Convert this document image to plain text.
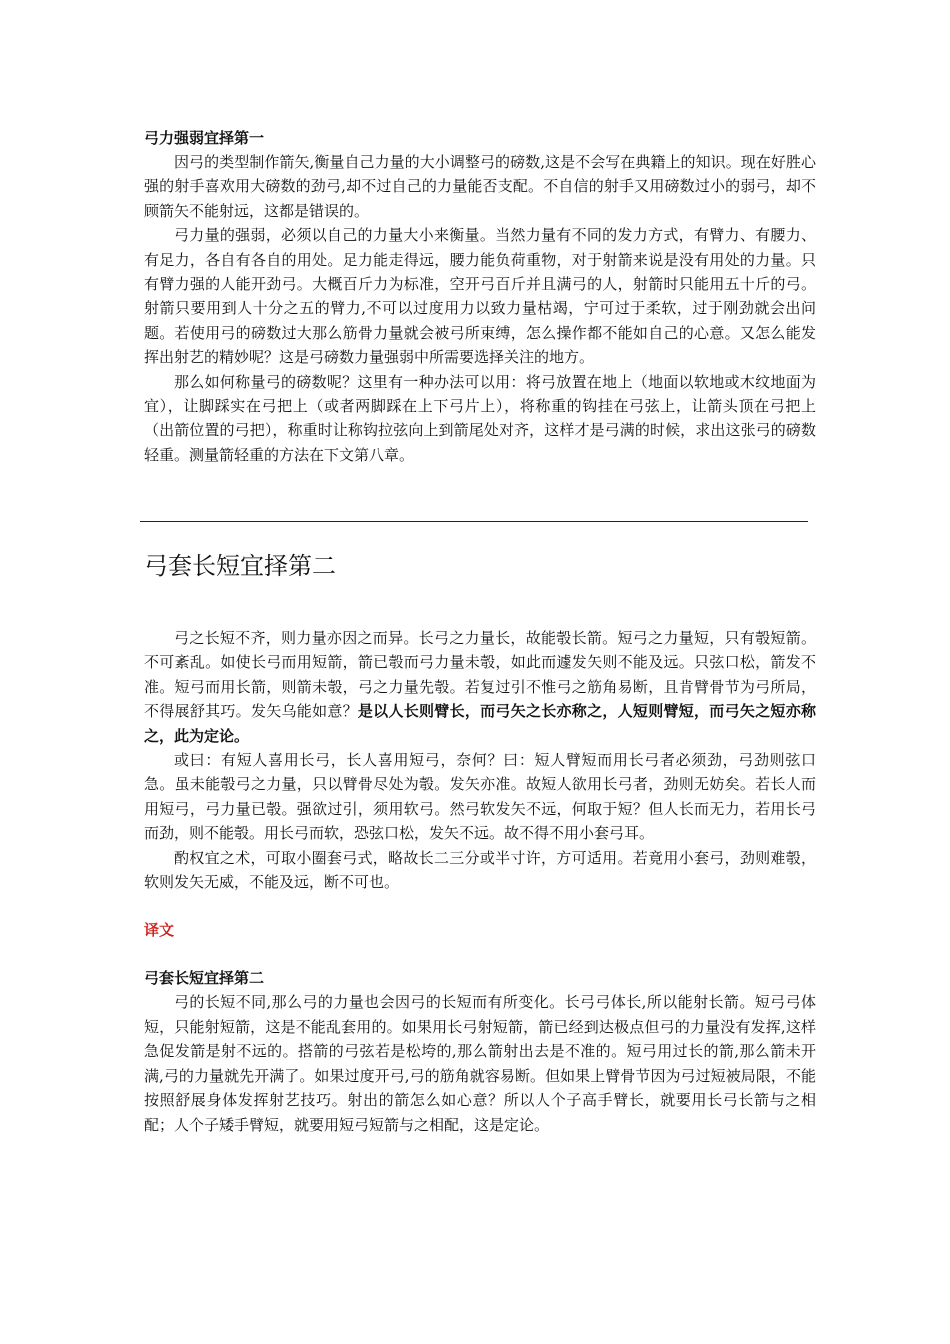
弓力强弱宜择第一

因弓的类型制作箭矢,衡量自己力量的大小调整弓的磅数,这是不会写在典籍上的知识。现在好胜心强的射手喜欢用大磅数的劲弓,却不过自己的力量能否支配。不自信的射手又用磅数过小的弱弓，却不顾箭矢不能射远，这都是错误的。

弓力量的强弱，必须以自己的力量大小来衡量。当然力量有不同的发力方式，有臂力、有腰力、有足力，各自有各自的用处。足力能走得远，腰力能负荷重物，对于射箭来说是没有用处的力量。只有臂力强的人能开劲弓。大概百斤力为标准，空开弓百斤并且满弓的人，射箭时只能用五十斤的弓。射箭只要用到人十分之五的臂力,不可以过度用力以致力量枯竭，宁可过于柔软，过于刚劲就会出问题。若使用弓的磅数过大那么筋骨力量就会被弓所束缚，怎么操作都不能如自己的心意。又怎么能发挥出射艺的精妙呢？这是弓磅数力量强弱中所需要选择关注的地方。

那么如何称量弓的磅数呢？这里有一种办法可以用：将弓放置在地上（地面以软地或木纹地面为宜），让脚踩实在弓把上（或者两脚踩在上下弓片上），将称重的钩挂在弓弦上，让箭头顶在弓把上（出箭位置的弓把），称重时让称钩拉弦向上到箭尾处对齐，这样才是弓满的时候，求出这张弓的磅数轻重。测量箭轻重的方法在下文第八章。

弓套长短宜择第二

弓之长短不齐，则力量亦因之而异。长弓之力量长，故能彀长箭。短弓之力量短，只有彀短箭。不可紊乱。如使长弓而用短箭，箭已彀而弓力量未彀，如此而遽发矢则不能及远。只弦口松，箭发不准。短弓而用长箭，则箭未彀，弓之力量先彀。若复过引不惟弓之筋角易断，且肯臂骨节为弓所局，不得展舒其巧。发矢乌能如意？是以人长则臂长，而弓矢之长亦称之，人短则臂短，而弓矢之短亦称之，此为定论。

或曰：有短人喜用长弓，长人喜用短弓，奈何？曰：短人臂短而用长弓者必须劲，弓劲则弦口急。虽未能彀弓之力量，只以臂骨尽处为彀。发矢亦准。故短人欲用长弓者，劲则无妨矣。若长人而用短弓，弓力量已彀。强欲过引，须用软弓。然弓软发矢不远，何取于短？但人长而无力，若用长弓而劲，则不能彀。用长弓而软，恐弦口松，发矢不远。故不得不用小套弓耳。

酌权宜之术，可取小圈套弓式，略故长二三分或半寸许，方可适用。若竟用小套弓，劲则难彀，软则发矢无威，不能及远，断不可也。

译文

弓套长短宜择第二

弓的长短不同,那么弓的力量也会因弓的长短而有所变化。长弓弓体长,所以能射长箭。短弓弓体短，只能射短箭，这是不能乱套用的。如果用长弓射短箭，箭已经到达极点但弓的力量没有发挥,这样急促发箭是射不远的。搭箭的弓弦若是松垮的,那么箭射出去是不准的。短弓用过长的箭,那么箭未开满,弓的力量就先开满了。如果过度开弓,弓的筋角就容易断。但如果上臂骨节因为弓过短被局限，不能按照舒展身体发挥射艺技巧。射出的箭怎么如心意？所以人个子高手臂长，就要用长弓长箭与之相配；人个子矮手臂短，就要用短弓短箭与之相配，这是定论。
